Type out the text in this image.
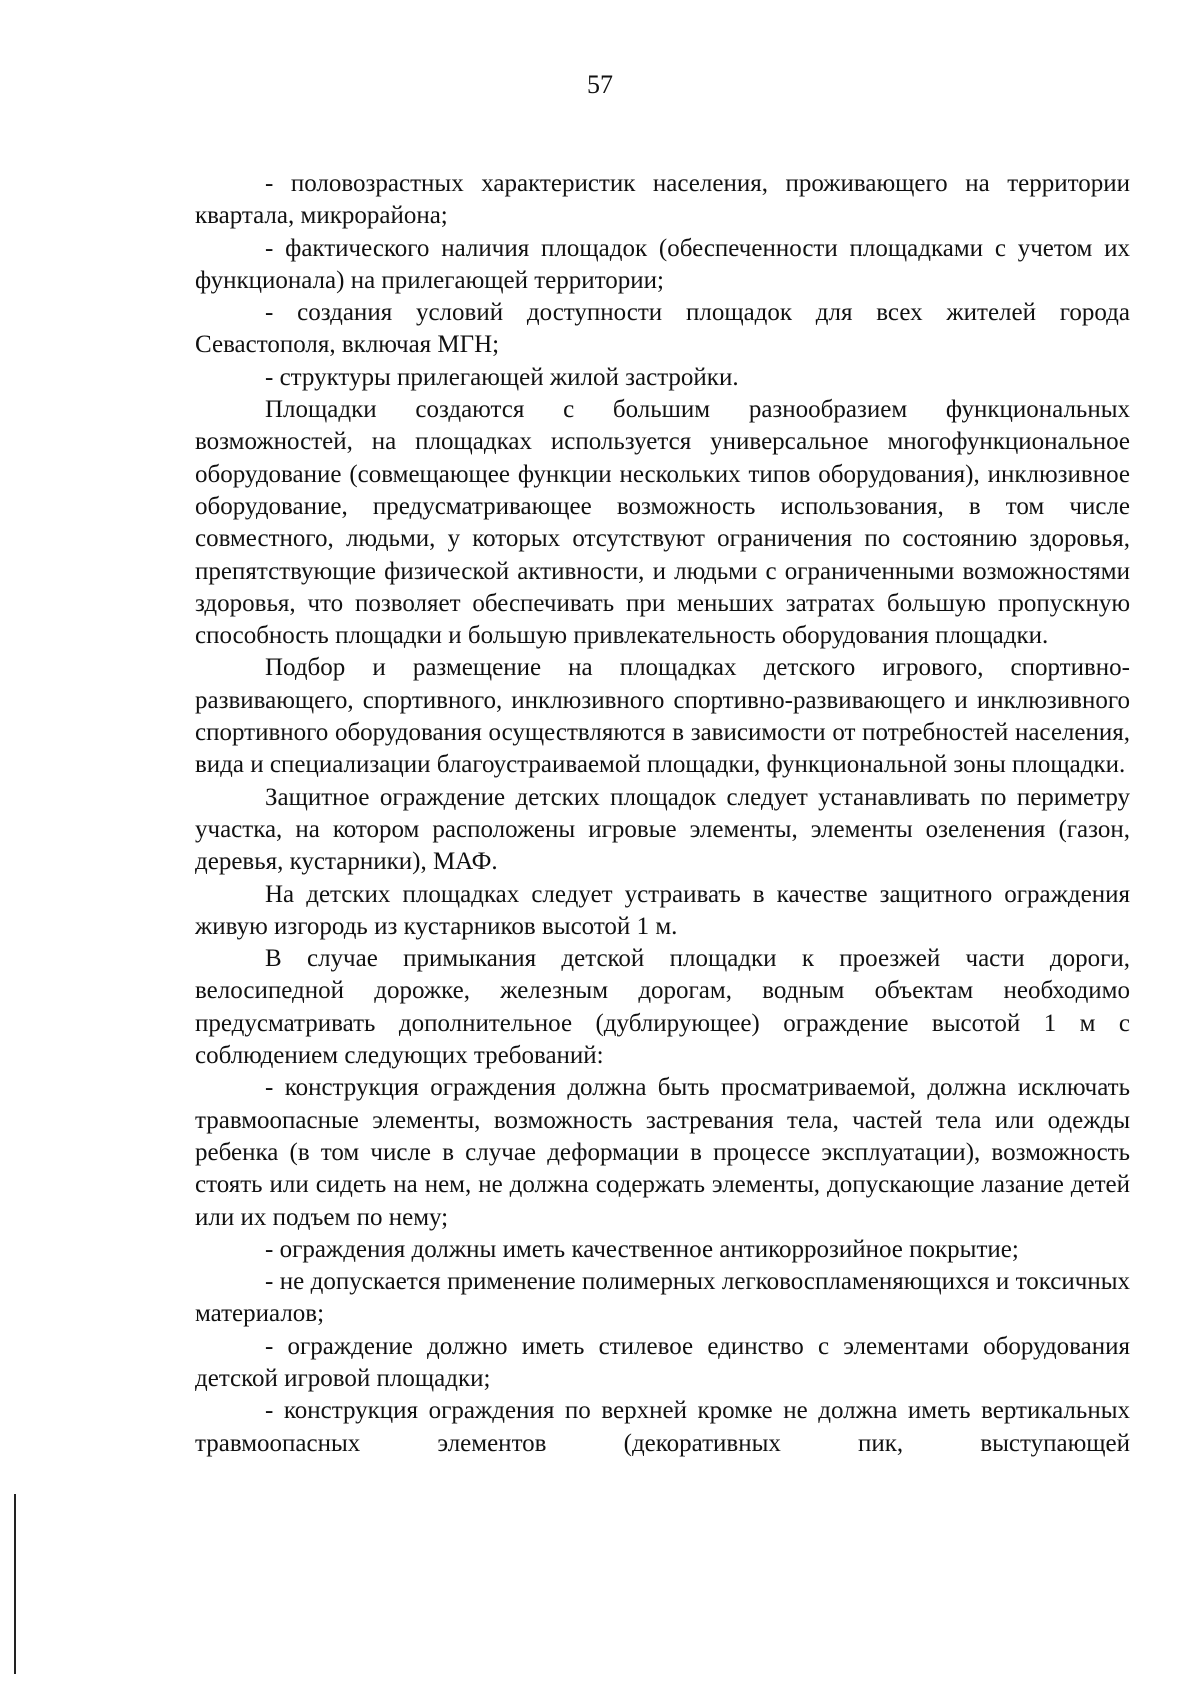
57

- половозрастных характеристик населения, проживающего на территории квартала, микрорайона;

- фактического наличия площадок (обеспеченности площадками с учетом их функционала) на прилегающей территории;

- создания условий доступности площадок для всех жителей города Севастополя, включая МГН;

- структуры прилегающей жилой застройки.

Площадки создаются с большим разнообразием функциональных возможностей, на площадках используется универсальное многофункциональное оборудование (совмещающее функции нескольких типов оборудования), инклюзивное оборудование, предусматривающее возможность использования, в том числе совместного, людьми, у которых отсутствуют ограничения по состоянию здоровья, препятствующие физической активности, и людьми с ограниченными возможностями здоровья, что позволяет обеспечивать при меньших затратах большую пропускную способность площадки и большую привлекательность оборудования площадки.

Подбор и размещение на площадках детского игрового, спортивно-развивающего, спортивного, инклюзивного спортивно-развивающего и инклюзивного спортивного оборудования осуществляются в зависимости от потребностей населения, вида и специализации благоустраиваемой площадки, функциональной зоны площадки.

Защитное ограждение детских площадок следует устанавливать по периметру участка, на котором расположены игровые элементы, элементы озеленения (газон, деревья, кустарники), МАФ.

На детских площадках следует устраивать в качестве защитного ограждения живую изгородь из кустарников высотой 1 м.

В случае примыкания детской площадки к проезжей части дороги, велосипедной дорожке, железным дорогам, водным объектам необходимо предусматривать дополнительное (дублирующее) ограждение высотой 1 м с соблюдением следующих требований:

- конструкция ограждения должна быть просматриваемой, должна исключать травмоопасные элементы, возможность застревания тела, частей тела или одежды ребенка (в том числе в случае деформации в процессе эксплуатации), возможность стоять или сидеть на нем, не должна содержать элементы, допускающие лазание детей или их подъем по нему;

- ограждения должны иметь качественное антикоррозийное покрытие;

- не допускается применение полимерных легковоспламеняющихся и токсичных материалов;

- ограждение должно иметь стилевое единство с элементами оборудования детской игровой площадки;

- конструкция ограждения по верхней кромке не должна иметь вертикальных травмоопасных элементов (декоративных пик, выступающей
